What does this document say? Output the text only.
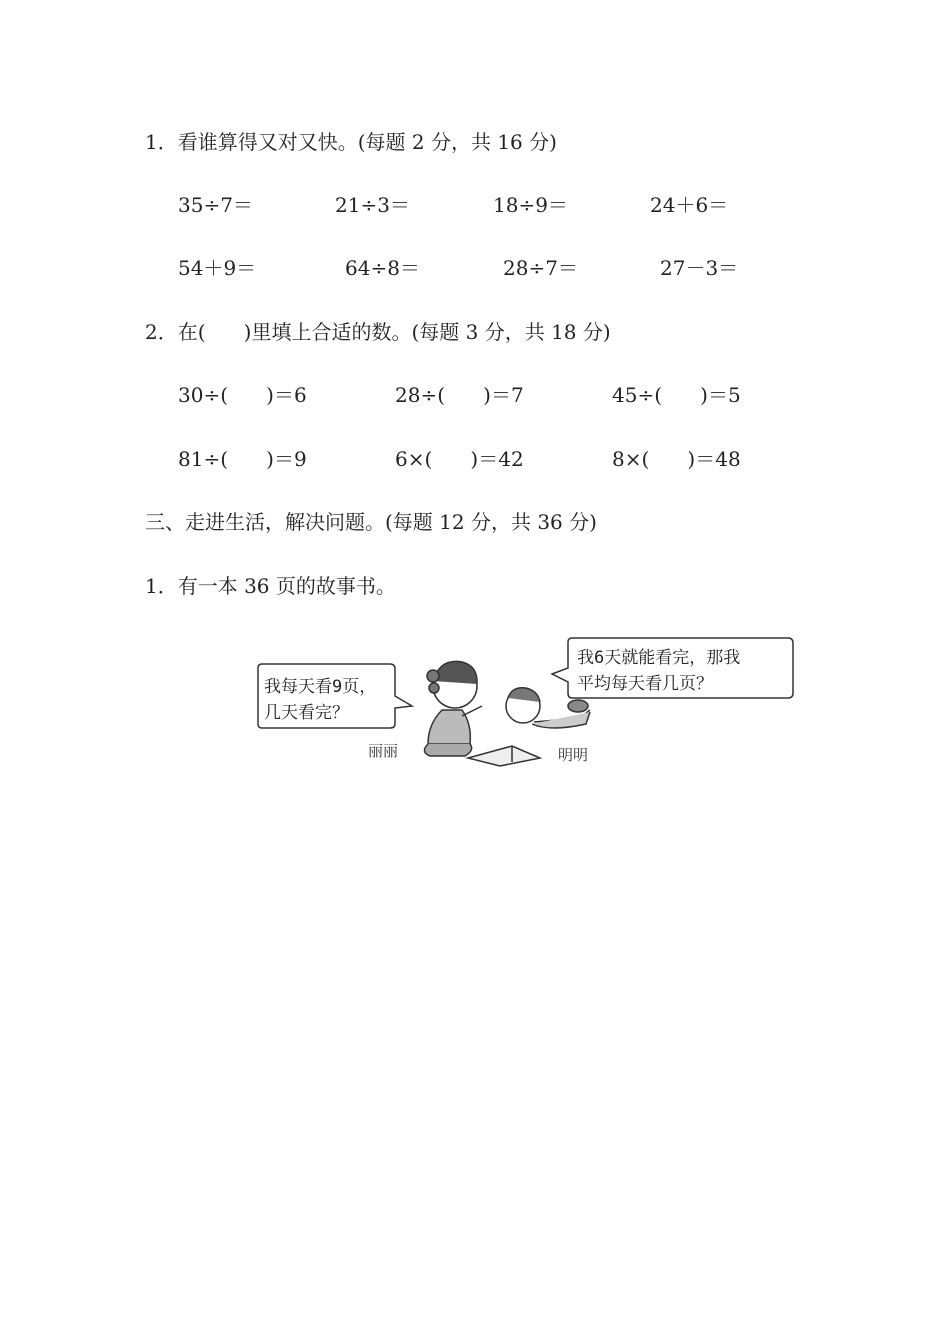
1．看谁算得又对又快。(每题 2 分，共 16 分)
35÷7＝	21÷3＝	18÷9＝	24＋6＝
54＋9＝	64÷8＝	28÷7＝	27－3＝
2．在(      )里填上合适的数。(每题 3 分，共 18 分)
30÷(      )＝6	28÷(      )＝7	45÷(      )＝5
81÷(      )＝9	6×(      )＝42	8×(      )＝48
三、走进生活，解决问题。(每题 12 分，共 36 分)
1．有一本 36 页的故事书。
我每天看9页，
几天看完？
我6天就能看完，那我
平均每天看几页？
丽丽	明明
